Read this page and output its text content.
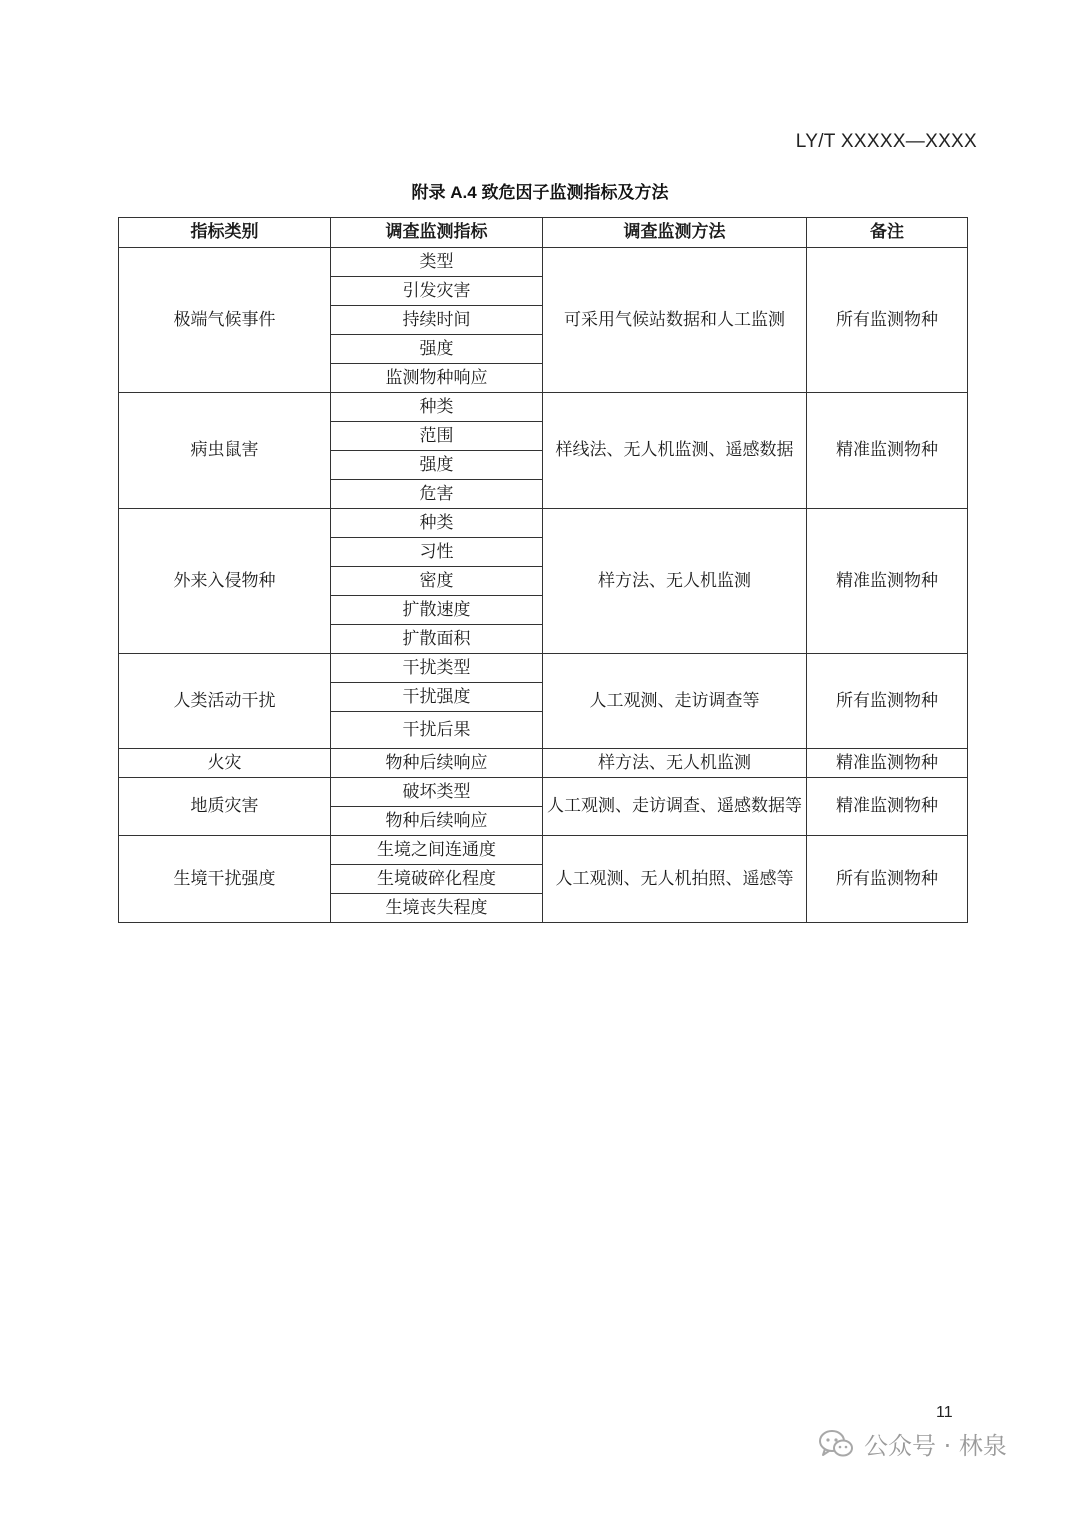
LY/T XXXXX—XXXX
附录 A.4 致危因子监测指标及方法
指标类别	调查监测指标	调查监测方法	备注
极端气候事件	类型	可采用气候站数据和人工监测	所有监测物种
	引发灾害		
	持续时间		
	强度		
	监测物种响应		
病虫鼠害	种类	样线法、无人机监测、遥感数据	精准监测物种
	范围		
	强度		
	危害		
外来入侵物种	种类	样方法、无人机监测	精准监测物种
	习性		
	密度		
	扩散速度		
	扩散面积		
人类活动干扰	干扰类型	人工观测、走访调查等	所有监测物种
	干扰强度		
	干扰后果		
火灾	物种后续响应	样方法、无人机监测	精准监测物种
地质灾害	破坏类型	人工观测、走访调查、遥感数据等	精准监测物种
	物种后续响应		
生境干扰强度	生境之间连通度	人工观测、无人机拍照、遥感等	所有监测物种
	生境破碎化程度		
	生境丧失程度		
11
公众号 · 林泉
